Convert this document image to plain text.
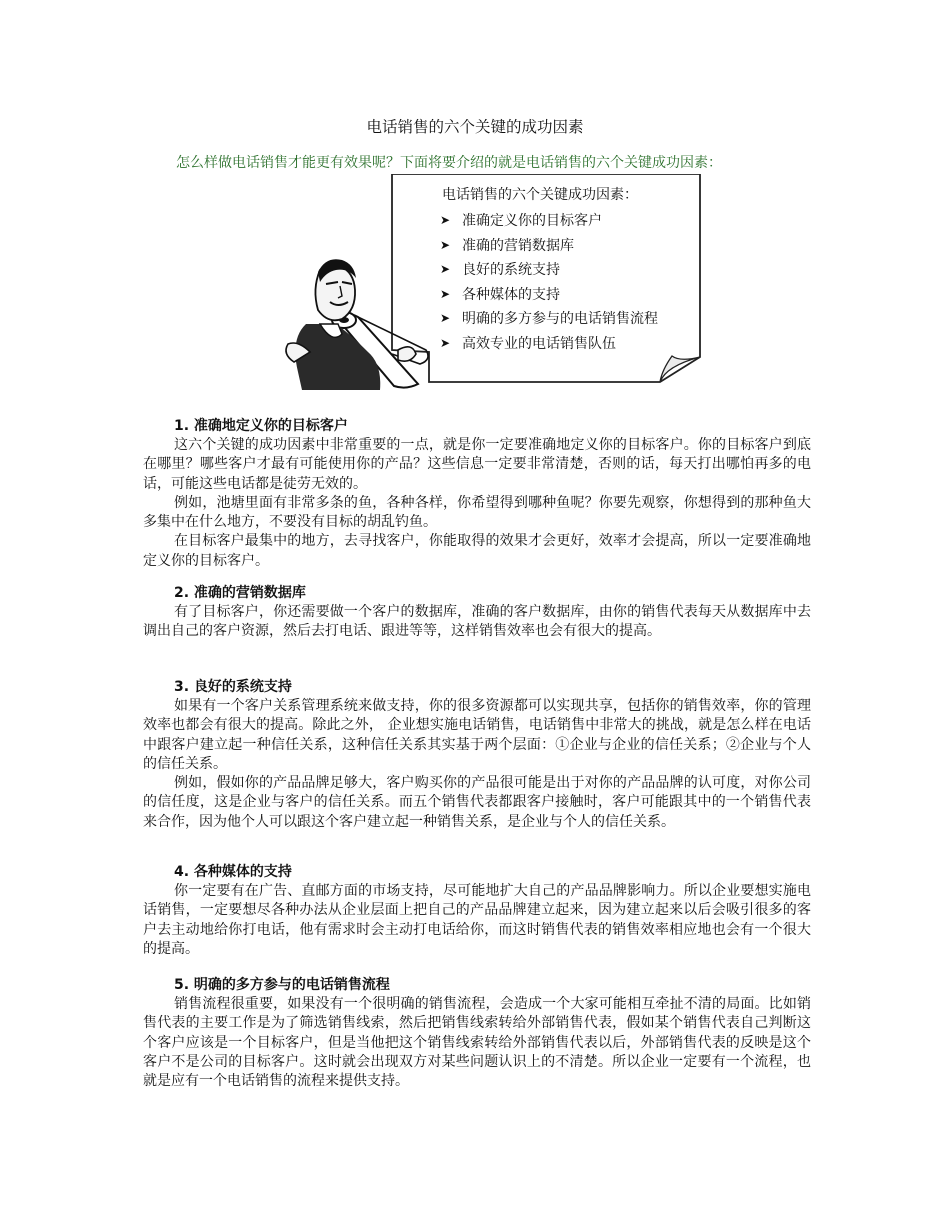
电话销售的六个关键的成功因素
怎么样做电话销售才能更有效果呢？下面将要介绍的就是电话销售的六个关键成功因素：
电话销售的六个关键成功因素：
➤ 准确定义你的目标客户
➤ 准确的营销数据库
➤ 良好的系统支持
➤ 各种媒体的支持
➤ 明确的多方参与的电话销售流程
➤ 高效专业的电话销售队伍
1. 准确地定义你的目标客户

这六个关键的成功因素中非常重要的一点，就是你一定要准确地定义你的目标客户。你的目标客户到底在哪里？哪些客户才最有可能使用你的产品？这些信息一定要非常清楚，否则的话，每天打出哪怕再多的电话，可能这些电话都是徒劳无效的。

例如，池塘里面有非常多条的鱼，各种各样，你希望得到哪种鱼呢？你要先观察，你想得到的那种鱼大多集中在什么地方，不要没有目标的胡乱钓鱼。

在目标客户最集中的地方，去寻找客户，你能取得的效果才会更好，效率才会提高，所以一定要准确地定义你的目标客户。

2. 准确的营销数据库

有了目标客户，你还需要做一个客户的数据库，准确的客户数据库，由你的销售代表每天从数据库中去调出自己的客户资源，然后去打电话、跟进等等，这样销售效率也会有很大的提高。

3. 良好的系统支持

如果有一个客户关系管理系统来做支持，你的很多资源都可以实现共享，包括你的销售效率，你的管理效率也都会有很大的提高。除此之外， 企业想实施电话销售，电话销售中非常大的挑战，就是怎么样在电话中跟客户建立起一种信任关系，这种信任关系其实基于两个层面：①企业与企业的信任关系；②企业与个人的信任关系。

例如，假如你的产品品牌足够大，客户购买你的产品很可能是出于对你的产品品牌的认可度，对你公司的信任度，这是企业与客户的信任关系。而五个销售代表都跟客户接触时，客户可能跟其中的一个销售代表来合作，因为他个人可以跟这个客户建立起一种销售关系，是企业与个人的信任关系。

4. 各种媒体的支持

你一定要有在广告、直邮方面的市场支持，尽可能地扩大自己的产品品牌影响力。所以企业要想实施电话销售，一定要想尽各种办法从企业层面上把自己的产品品牌建立起来，因为建立起来以后会吸引很多的客户去主动地给你打电话，他有需求时会主动打电话给你，而这时销售代表的销售效率相应地也会有一个很大的提高。

5. 明确的多方参与的电话销售流程

销售流程很重要，如果没有一个很明确的销售流程，会造成一个大家可能相互牵扯不清的局面。比如销售代表的主要工作是为了筛选销售线索，然后把销售线索转给外部销售代表，假如某个销售代表自己判断这个客户应该是一个目标客户，但是当他把这个销售线索转给外部销售代表以后，外部销售代表的反映是这个客户不是公司的目标客户。这时就会出现双方对某些问题认识上的不清楚。所以企业一定要有一个流程，也就是应有一个电话销售的流程来提供支持。
